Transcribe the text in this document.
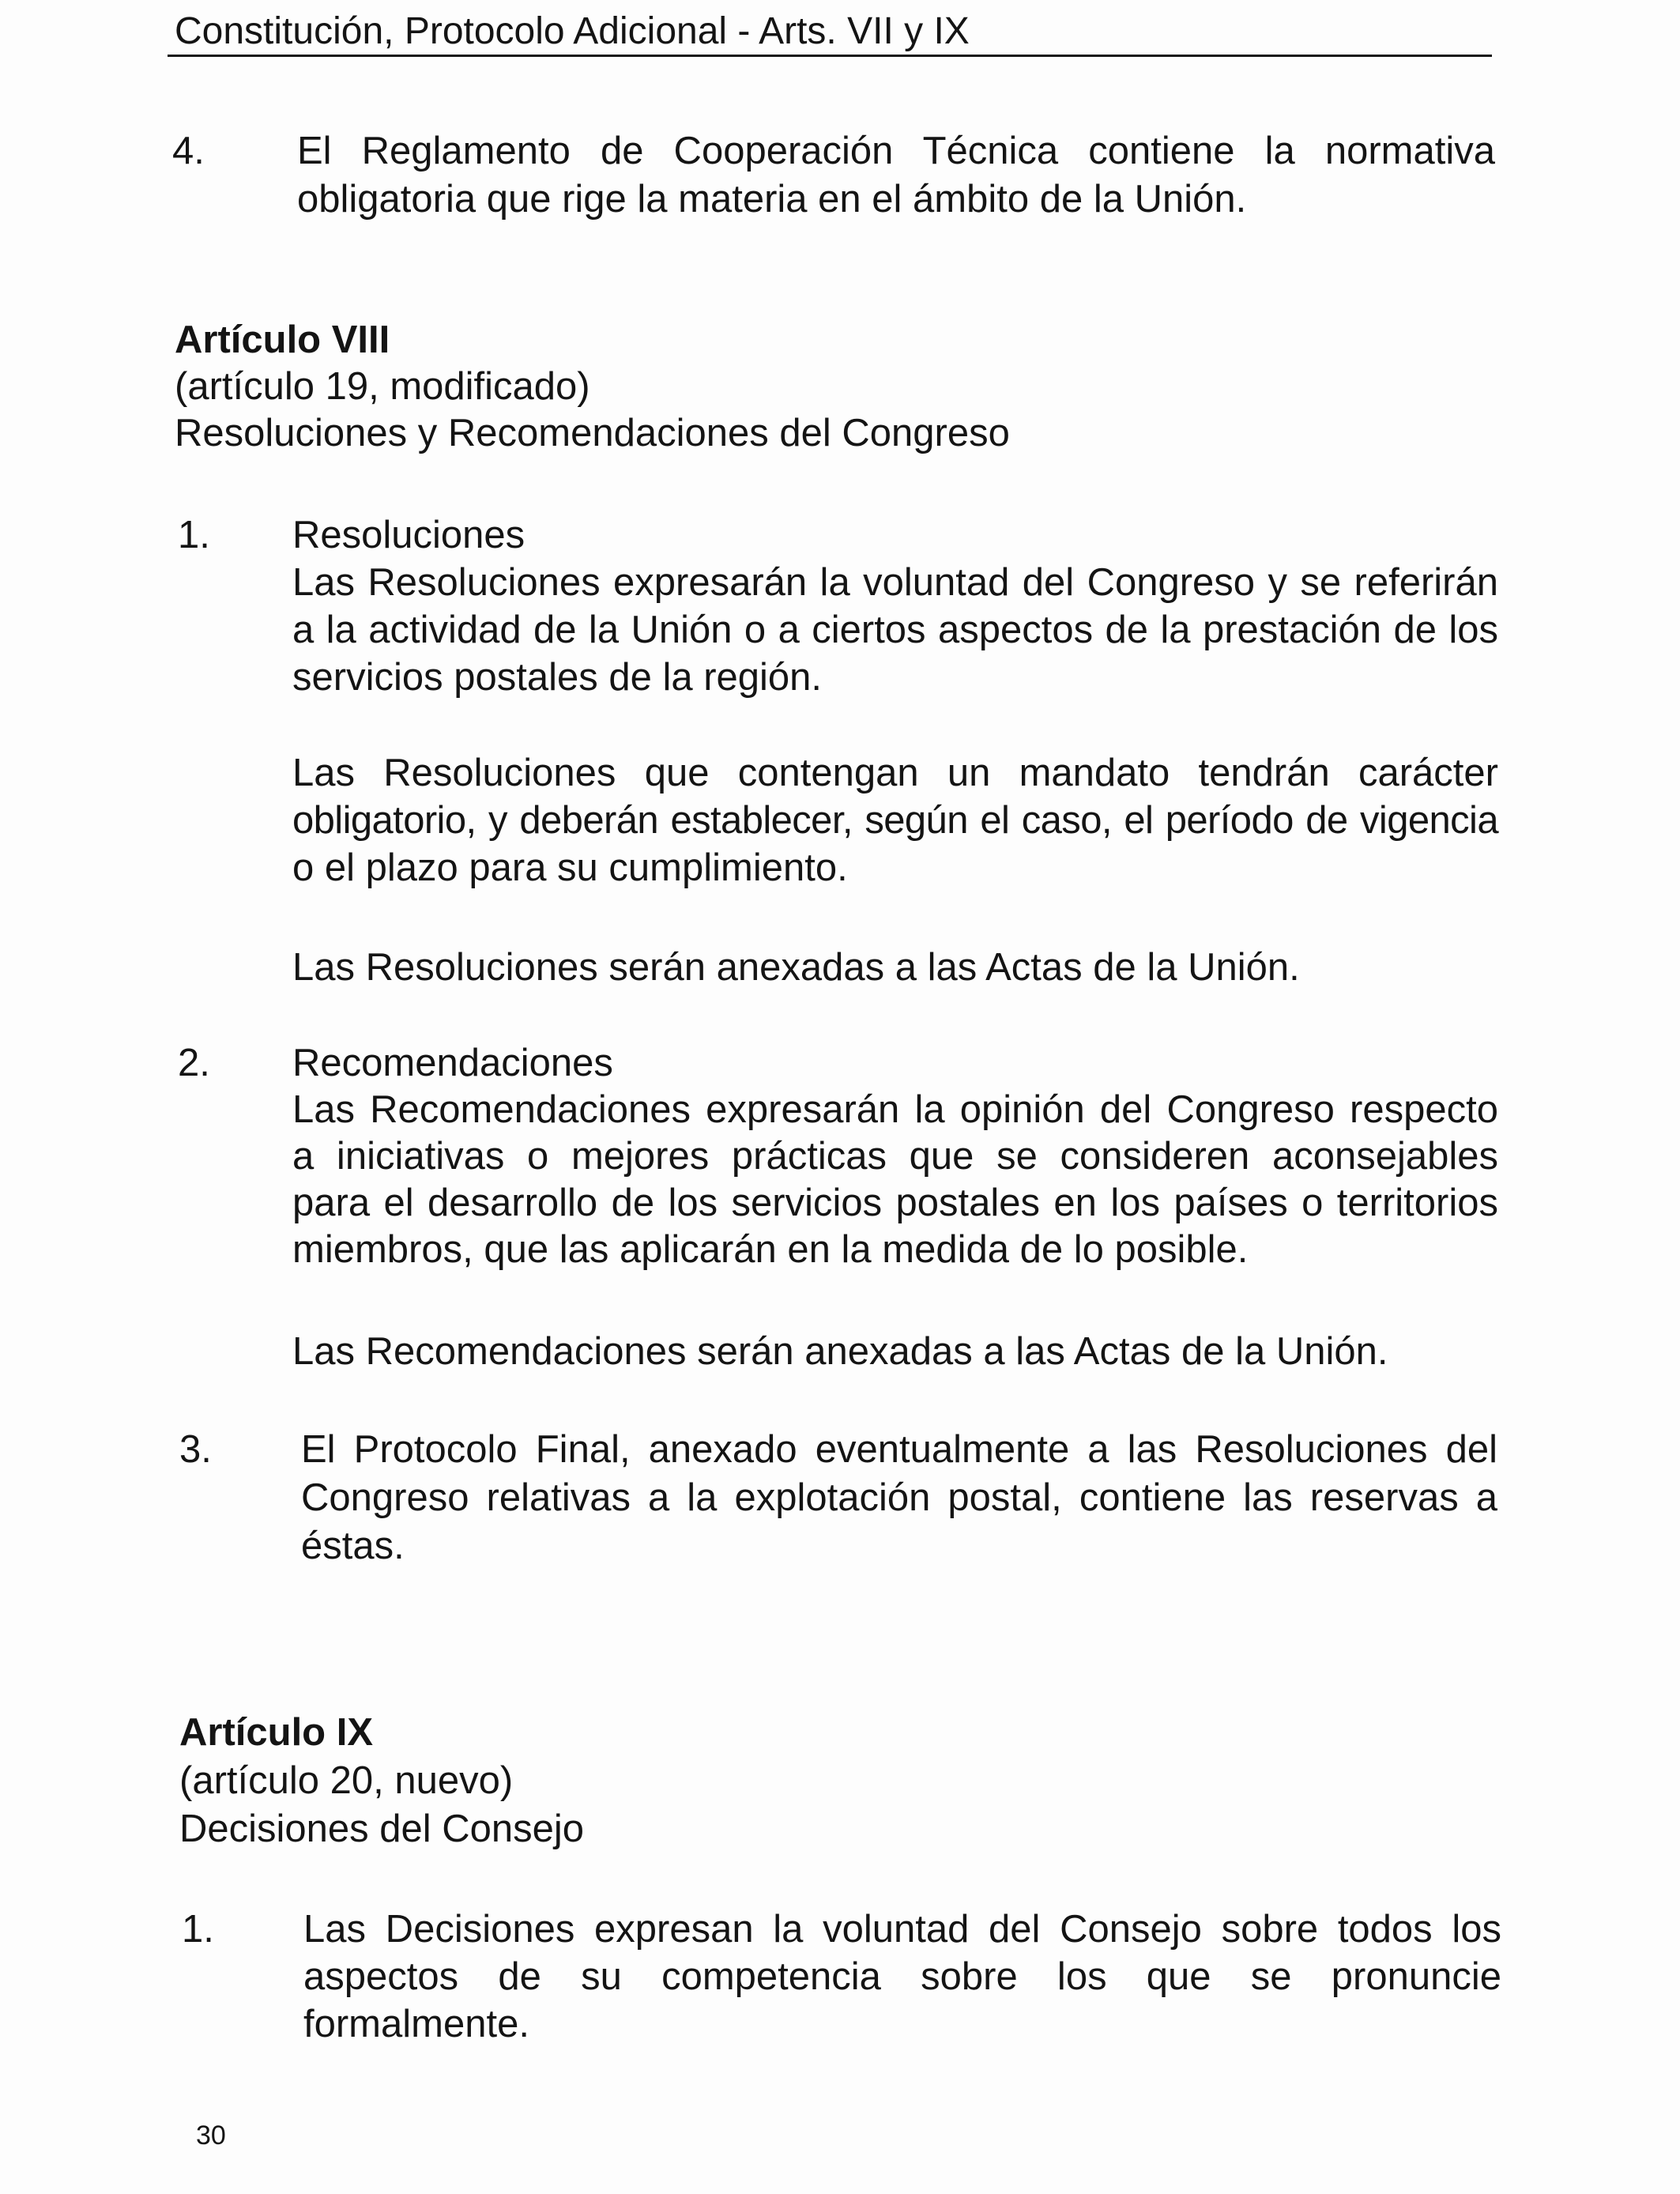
Constitución, Protocolo Adicional - Arts. VII y IX
4. El Reglamento de Cooperación Técnica contiene la normativa
obligatoria que rige la materia en el ámbito de la Unión.
Artículo VIII
(artículo 19, modificado)
Resoluciones y Recomendaciones del Congreso
1. Resoluciones
Las Resoluciones expresarán la voluntad del Congreso y se referirán
a la actividad de la Unión o a ciertos aspectos de la prestación de los
servicios postales de la región.
Las Resoluciones que contengan un mandato tendrán carácter
obligatorio, y deberán establecer, según el caso, el período de vigencia
o el plazo para su cumplimiento.
Las Resoluciones serán anexadas a las Actas de la Unión.
2. Recomendaciones
Las Recomendaciones expresarán la opinión del Congreso respecto
a iniciativas o mejores prácticas que se consideren aconsejables
para el desarrollo de los servicios postales en los países o territorios
miembros, que las aplicarán en la medida de lo posible.
Las Recomendaciones serán anexadas a las Actas de la Unión.
3. El Protocolo Final, anexado eventualmente a las Resoluciones del
Congreso relativas a la explotación postal, contiene las reservas a
éstas.
Artículo IX
(artículo 20, nuevo)
Decisiones del Consejo
1. Las Decisiones expresan la voluntad del Consejo sobre todos los
aspectos de su competencia sobre los que se pronuncie
formalmente.
30
